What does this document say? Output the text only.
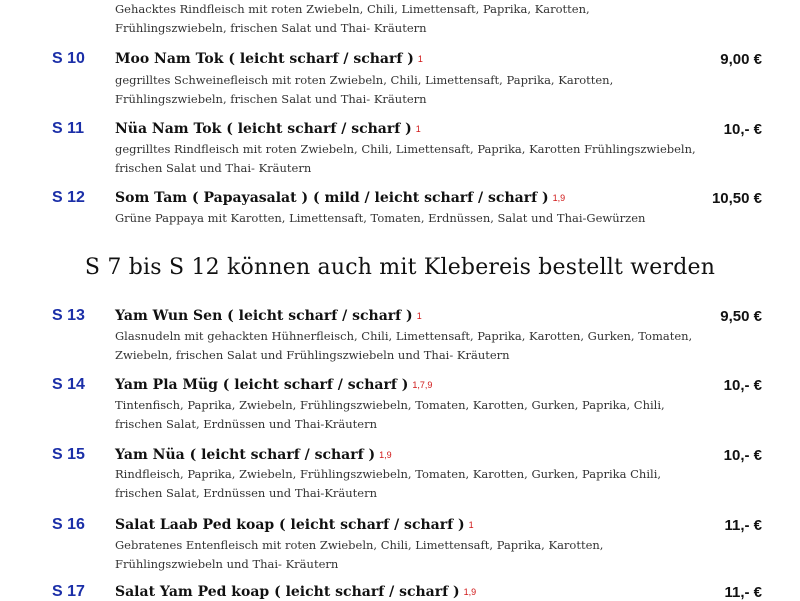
Gehacktes Rindfleisch mit roten Zwiebeln, Chili, Limettensaft, Paprika, Karotten,
Frühlingszwiebeln, frischen Salat und Thai- Kräutern
S 10 Moo Nam Tok ( leicht scharf / scharf ) $^1$	9,00 €
gegrilltes Schweinefleisch mit roten Zwiebeln, Chili, Limettensaft, Paprika, Karotten,
Frühlingszwiebeln, frischen Salat und Thai- Kräutern
S 11 Nüa Nam Tok ( leicht scharf / scharf ) $^1$	10,- €
gegrilltes Rindfleisch mit roten Zwiebeln, Chili, Limettensaft, Paprika, Karotten Frühlingszwiebeln,
frischen Salat und Thai- Kräutern
S 12 Som Tam ( Papayasalat ) ( mild / leicht scharf / scharf ) $^{1,9}$	10,50 €
Grüne Pappaya mit Karotten, Limettensaft, Tomaten, Erdnüssen, Salat und Thai-Gewürzen
S 7 bis S 12 können auch mit Klebereis bestellt werden
S 13 Yam Wun Sen ( leicht scharf / scharf ) $^1$	9,50 €
Glasnudeln mit gehackten Hühnerfleisch, Chili, Limettensaft, Paprika, Karotten, Gurken, Tomaten,
Zwiebeln, frischen Salat und Frühlingszwiebeln und Thai- Kräutern
S 14 Yam Pla Müg ( leicht scharf / scharf ) $^{1,7,9}$	10,- €
Tintenfisch, Paprika, Zwiebeln, Frühlingszwiebeln, Tomaten, Karotten, Gurken, Paprika, Chili,
frischen Salat, Erdnüssen und Thai-Kräutern
S 15 Yam Nüa ( leicht scharf / scharf ) $^{1,9}$	10,- €
Rindfleisch, Paprika, Zwiebeln, Frühlingszwiebeln, Tomaten, Karotten, Gurken, Paprika Chili,
frischen Salat, Erdnüssen und Thai-Kräutern
S 16 Salat Laab Ped koap ( leicht scharf / scharf ) $^1$	11,- €
Gebratenes Entenfleisch mit roten Zwiebeln, Chili, Limettensaft, Paprika, Karotten,
Frühlingszwiebeln und Thai- Kräutern
S 17 Salat Yam Ped koap ( leicht scharf / scharf ) $^{1,9}$	11,- €
